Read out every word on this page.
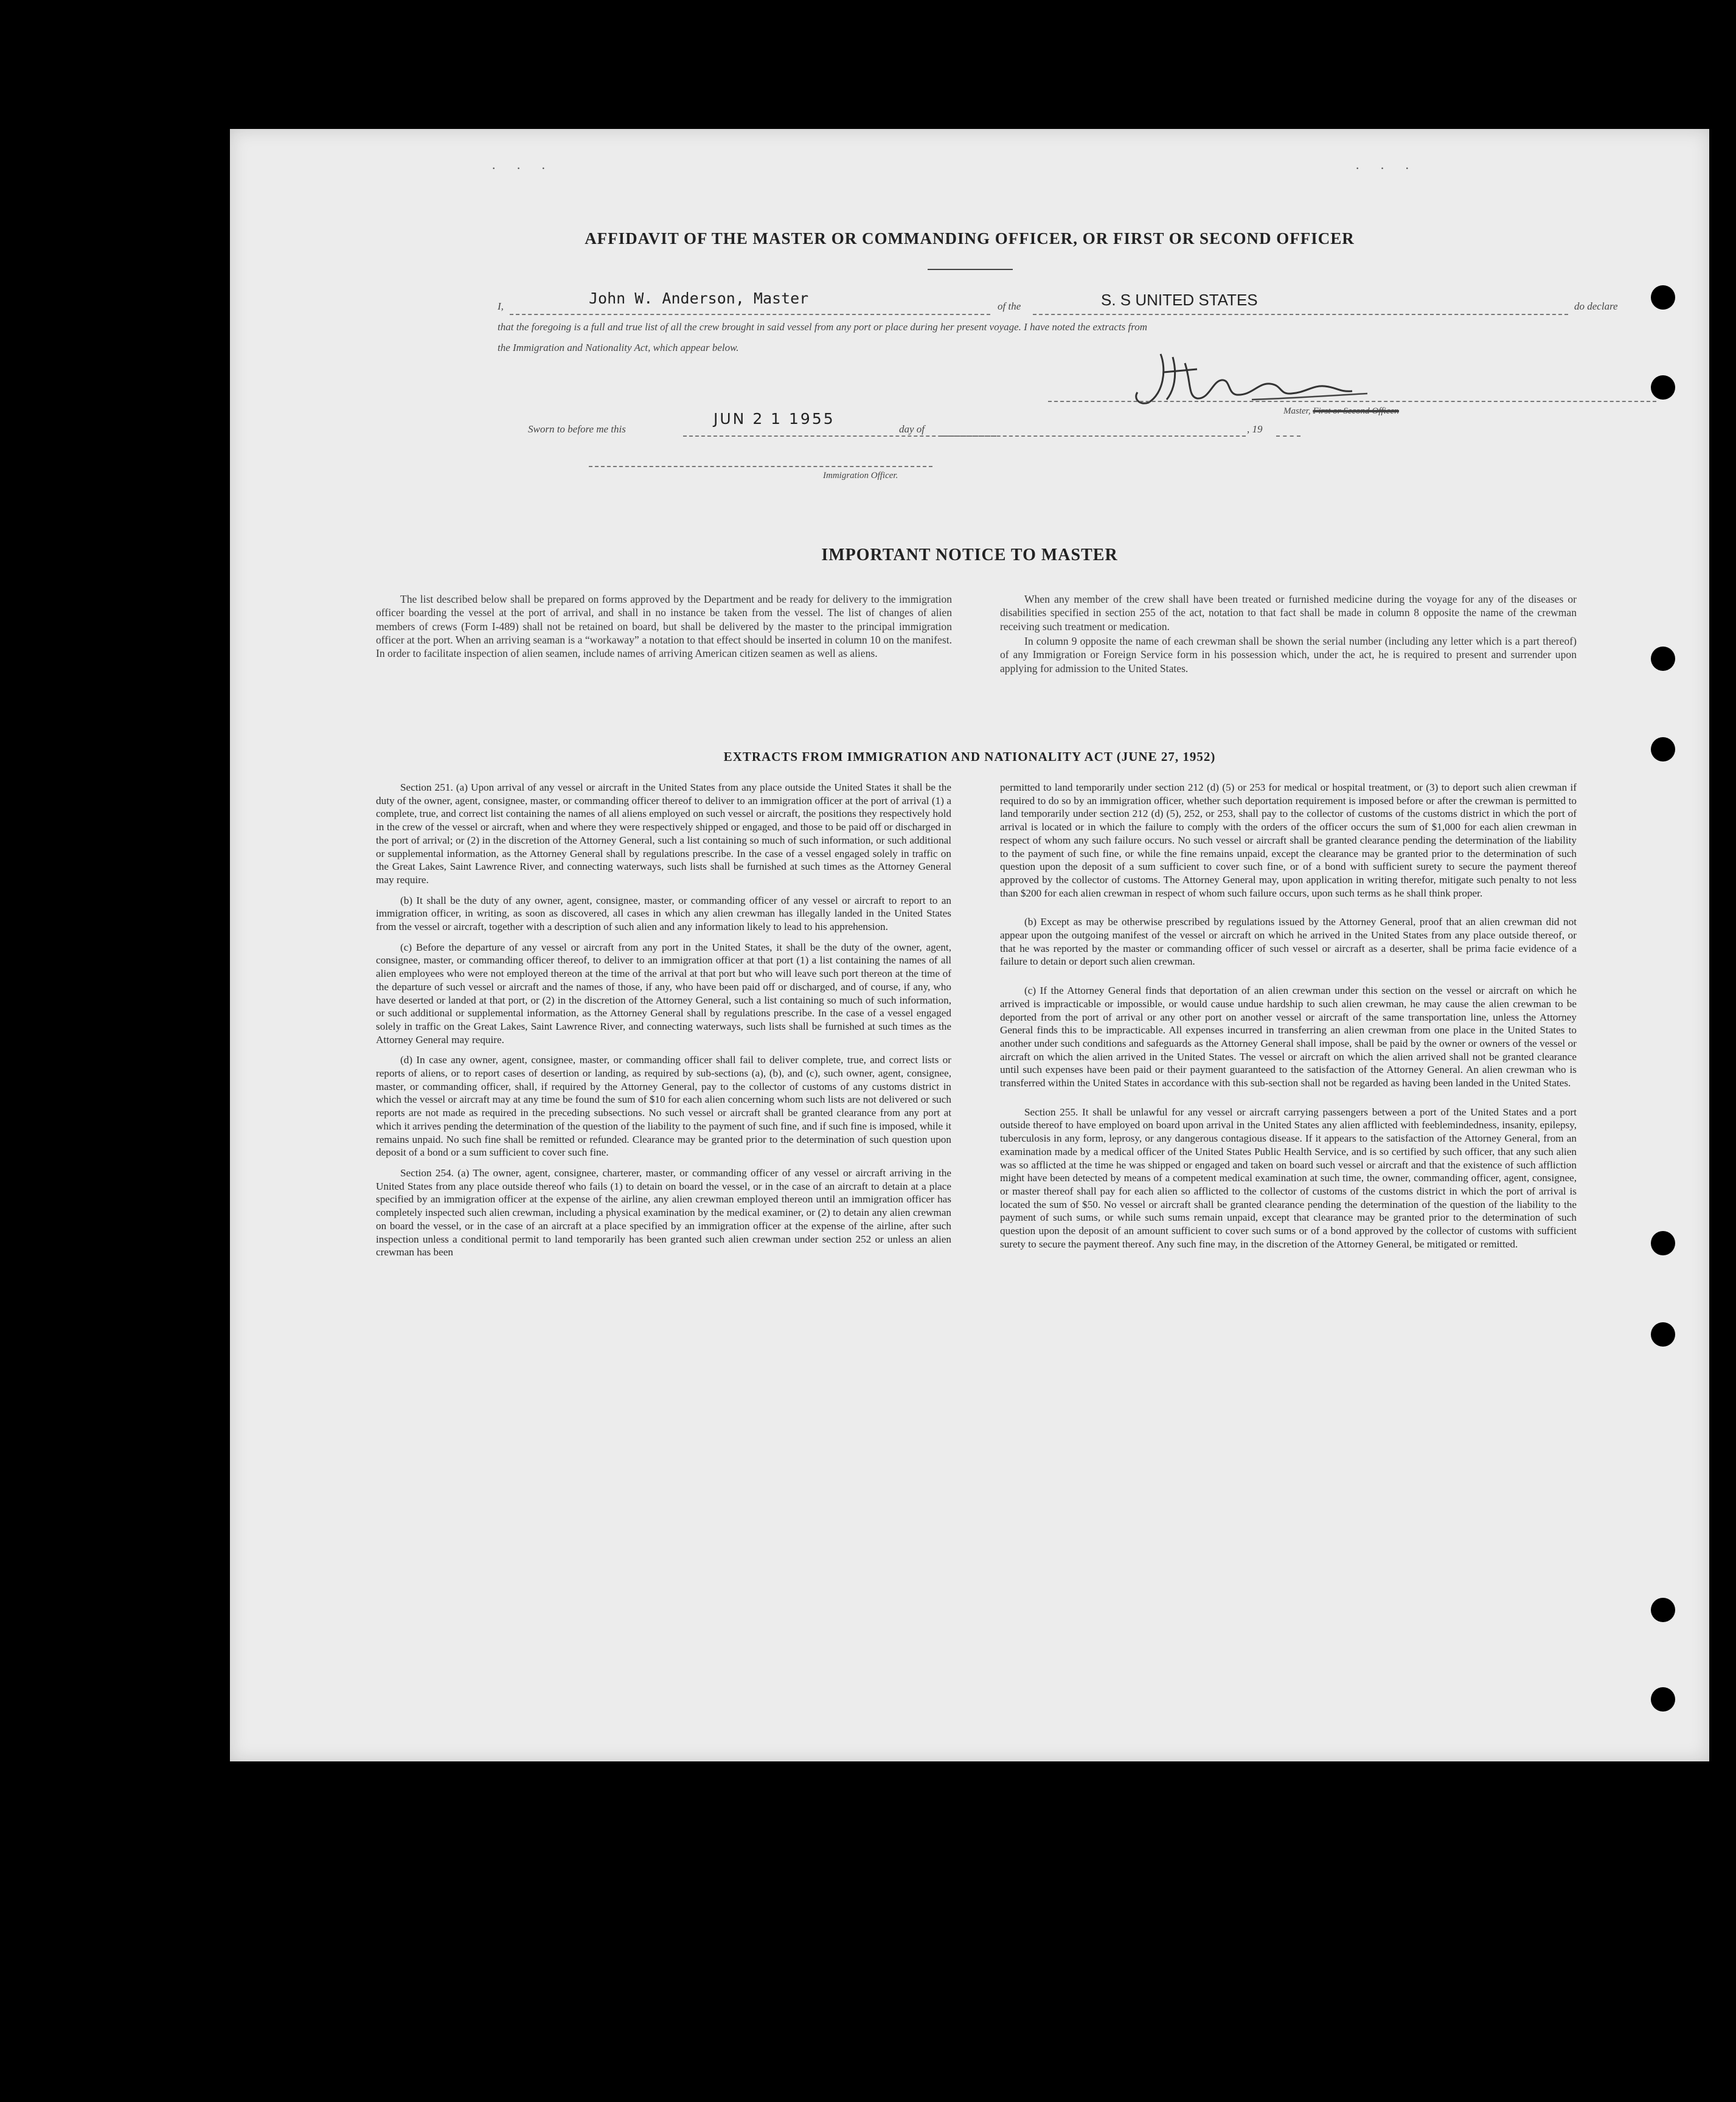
· · ·	· · ·
AFFIDAVIT OF THE MASTER OR COMMANDING OFFICER, OR FIRST OR SECOND OFFICER
I,	John W. Anderson, Master	of the	S. S UNITED STATES	do declare
that the foregoing is a full and true list of all the crew brought in said vessel from any port or place during her present voyage. I have noted the extracts from
the Immigration and Nationality Act, which appear below.
Master, First or Second Officer.
Sworn to before me this
JUN 2 1 1955
day of	, 19
Immigration Officer.
IMPORTANT NOTICE TO MASTER

The list described below shall be prepared on forms approved by the Department and be ready for delivery to the immigration officer boarding the vessel at the port of arrival, and shall in no instance be taken from the vessel. The list of changes of alien members of crews (Form I-489) shall not be retained on board, but shall be delivered by the master to the principal immigration officer at the port. When an arriving seaman is a “workaway” a notation to that effect should be inserted in column 10 on the manifest. In order to facilitate inspection of alien seamen, include names of arriving American citizen seamen as well as aliens.

When any member of the crew shall have been treated or furnished medicine during the voyage for any of the diseases or disabilities specified in section 255 of the act, notation to that fact shall be made in column 8 opposite the name of the crewman receiving such treatment or medication.

In column 9 opposite the name of each crewman shall be shown the serial number (including any letter which is a part thereof) of any Immigration or Foreign Service form in his possession which, under the act, he is required to present and surrender upon applying for admission to the United States.

EXTRACTS FROM IMMIGRATION AND NATIONALITY ACT (JUNE 27, 1952)

Section 251. (a) Upon arrival of any vessel or aircraft in the United States from any place outside the United States it shall be the duty of the owner, agent, consignee, master, or commanding officer thereof to deliver to an immigration officer at the port of arrival (1) a complete, true, and correct list containing the names of all aliens employed on such vessel or aircraft, the positions they respectively hold in the crew of the vessel or aircraft, when and where they were respectively shipped or engaged, and those to be paid off or discharged in the port of arrival; or (2) in the discretion of the Attorney General, such a list containing so much of such information, or such additional or supplemental information, as the Attorney General shall by regulations prescribe. In the case of a vessel engaged solely in traffic on the Great Lakes, Saint Lawrence River, and connecting waterways, such lists shall be furnished at such times as the Attorney General may require.

(b) It shall be the duty of any owner, agent, consignee, master, or commanding officer of any vessel or aircraft to report to an immigration officer, in writing, as soon as discovered, all cases in which any alien crewman has illegally landed in the United States from the vessel or aircraft, together with a description of such alien and any information likely to lead to his apprehension.

(c) Before the departure of any vessel or aircraft from any port in the United States, it shall be the duty of the owner, agent, consignee, master, or commanding officer thereof, to deliver to an immigration officer at that port (1) a list containing the names of all alien employees who were not employed thereon at the time of the arrival at that port but who will leave such port thereon at the time of the departure of such vessel or aircraft and the names of those, if any, who have been paid off or discharged, and of course, if any, who have deserted or landed at that port, or (2) in the discretion of the Attorney General, such a list containing so much of such information, or such additional or supplemental information, as the Attorney General shall by regulations prescribe. In the case of a vessel engaged solely in traffic on the Great Lakes, Saint Lawrence River, and connecting waterways, such lists shall be furnished at such times as the Attorney General may require.

(d) In case any owner, agent, consignee, master, or commanding officer shall fail to deliver complete, true, and correct lists or reports of aliens, or to report cases of desertion or landing, as required by sub-sections (a), (b), and (c), such owner, agent, consignee, master, or commanding officer, shall, if required by the Attorney General, pay to the collector of customs of any customs district in which the vessel or aircraft may at any time be found the sum of $10 for each alien concerning whom such lists are not delivered or such reports are not made as required in the preceding subsections. No such vessel or aircraft shall be granted clearance from any port at which it arrives pending the determination of the question of the liability to the payment of such fine, and if such fine is imposed, while it remains unpaid. No such fine shall be remitted or refunded. Clearance may be granted prior to the determination of such question upon deposit of a bond or a sum sufficient to cover such fine.

Section 254. (a) The owner, agent, consignee, charterer, master, or commanding officer of any vessel or aircraft arriving in the United States from any place outside thereof who fails (1) to detain on board the vessel, or in the case of an aircraft to detain at a place specified by an immigration officer at the expense of the airline, any alien crewman employed thereon until an immigration officer has completely inspected such alien crewman, including a physical examination by the medical examiner, or (2) to detain any alien crewman on board the vessel, or in the case of an aircraft at a place specified by an immigration officer at the expense of the airline, after such inspection unless a conditional permit to land temporarily has been granted such alien crewman under section 252 or unless an alien crewman has been

permitted to land temporarily under section 212 (d) (5) or 253 for medical or hospital treatment, or (3) to deport such alien crewman if required to do so by an immigration officer, whether such deportation requirement is imposed before or after the crewman is permitted to land temporarily under section 212 (d) (5), 252, or 253, shall pay to the collector of customs of the customs district in which the port of arrival is located or in which the failure to comply with the orders of the officer occurs the sum of $1,000 for each alien crewman in respect of whom any such failure occurs. No such vessel or aircraft shall be granted clearance pending the determination of the liability to the payment of such fine, or while the fine remains unpaid, except the clearance may be granted prior to the determination of such question upon the deposit of a sum sufficient to cover such fine, or of a bond with sufficient surety to secure the payment thereof approved by the collector of customs. The Attorney General may, upon application in writing therefor, mitigate such penalty to not less than $200 for each alien crewman in respect of whom such failure occurs, upon such terms as he shall think proper.

(b) Except as may be otherwise prescribed by regulations issued by the Attorney General, proof that an alien crewman did not appear upon the outgoing manifest of the vessel or aircraft on which he arrived in the United States from any place outside thereof, or that he was reported by the master or commanding officer of such vessel or aircraft as a deserter, shall be prima facie evidence of a failure to detain or deport such alien crewman.

(c) If the Attorney General finds that deportation of an alien crewman under this section on the vessel or aircraft on which he arrived is impracticable or impossible, or would cause undue hardship to such alien crewman, he may cause the alien crewman to be deported from the port of arrival or any other port on another vessel or aircraft of the same transportation line, unless the Attorney General finds this to be impracticable. All expenses incurred in transferring an alien crewman from one place in the United States to another under such conditions and safeguards as the Attorney General shall impose, shall be paid by the owner or owners of the vessel or aircraft on which the alien arrived in the United States. The vessel or aircraft on which the alien arrived shall not be granted clearance until such expenses have been paid or their payment guaranteed to the satisfaction of the Attorney General. An alien crewman who is transferred within the United States in accordance with this sub-section shall not be regarded as having been landed in the United States.

Section 255. It shall be unlawful for any vessel or aircraft carrying passengers between a port of the United States and a port outside thereof to have employed on board upon arrival in the United States any alien afflicted with feeblemindedness, insanity, epilepsy, tuberculosis in any form, leprosy, or any dangerous contagious disease. If it appears to the satisfaction of the Attorney General, from an examination made by a medical officer of the United States Public Health Service, and is so certified by such officer, that any such alien was so afflicted at the time he was shipped or engaged and taken on board such vessel or aircraft and that the existence of such affliction might have been detected by means of a competent medical examination at such time, the owner, commanding officer, agent, consignee, or master thereof shall pay for each alien so afflicted to the collector of customs of the customs district in which the port of arrival is located the sum of $50. No vessel or aircraft shall be granted clearance pending the determination of the question of the liability to the payment of such sums, or while such sums remain unpaid, except that clearance may be granted prior to the determination of such question upon the deposit of an amount sufficient to cover such sums or of a bond approved by the collector of customs with sufficient surety to secure the payment thereof. Any such fine may, in the discretion of the Attorney General, be mitigated or remitted.
